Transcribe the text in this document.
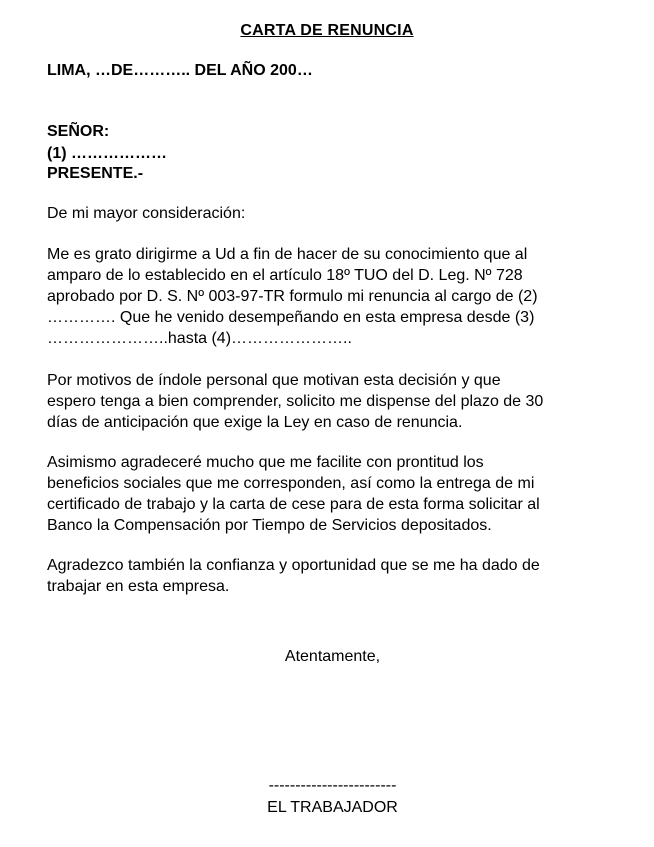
CARTA DE RENUNCIA
LIMA, …DE……….. DEL AÑO 200…
SEÑOR:
(1) ………………
PRESENTE.-
De mi mayor consideración:
Me es grato dirigirme a Ud a fin de hacer de su conocimiento que al
amparo de lo establecido en el artículo 18º TUO del D. Leg. Nº 728
aprobado por D. S. Nº 003-97-TR formulo mi renuncia al cargo de (2)
…………. Que he venido desempeñando en esta empresa desde (3)
…………………..hasta (4)…………………..
Por motivos de índole personal que motivan esta decisión y que
espero tenga a bien comprender, solicito me dispense del plazo de 30
días de anticipación que exige la Ley en caso de renuncia.
Asimismo agradeceré mucho que me facilite con prontitud los
beneficios sociales que me corresponden, así como la entrega de mi
certificado de trabajo y la carta de cese para de esta forma solicitar al
Banco la Compensación por Tiempo de Servicios depositados.
Agradezco también la confianza y oportunidad que se me ha dado de
trabajar en esta empresa.
Atentamente,
------------------------
EL TRABAJADOR
